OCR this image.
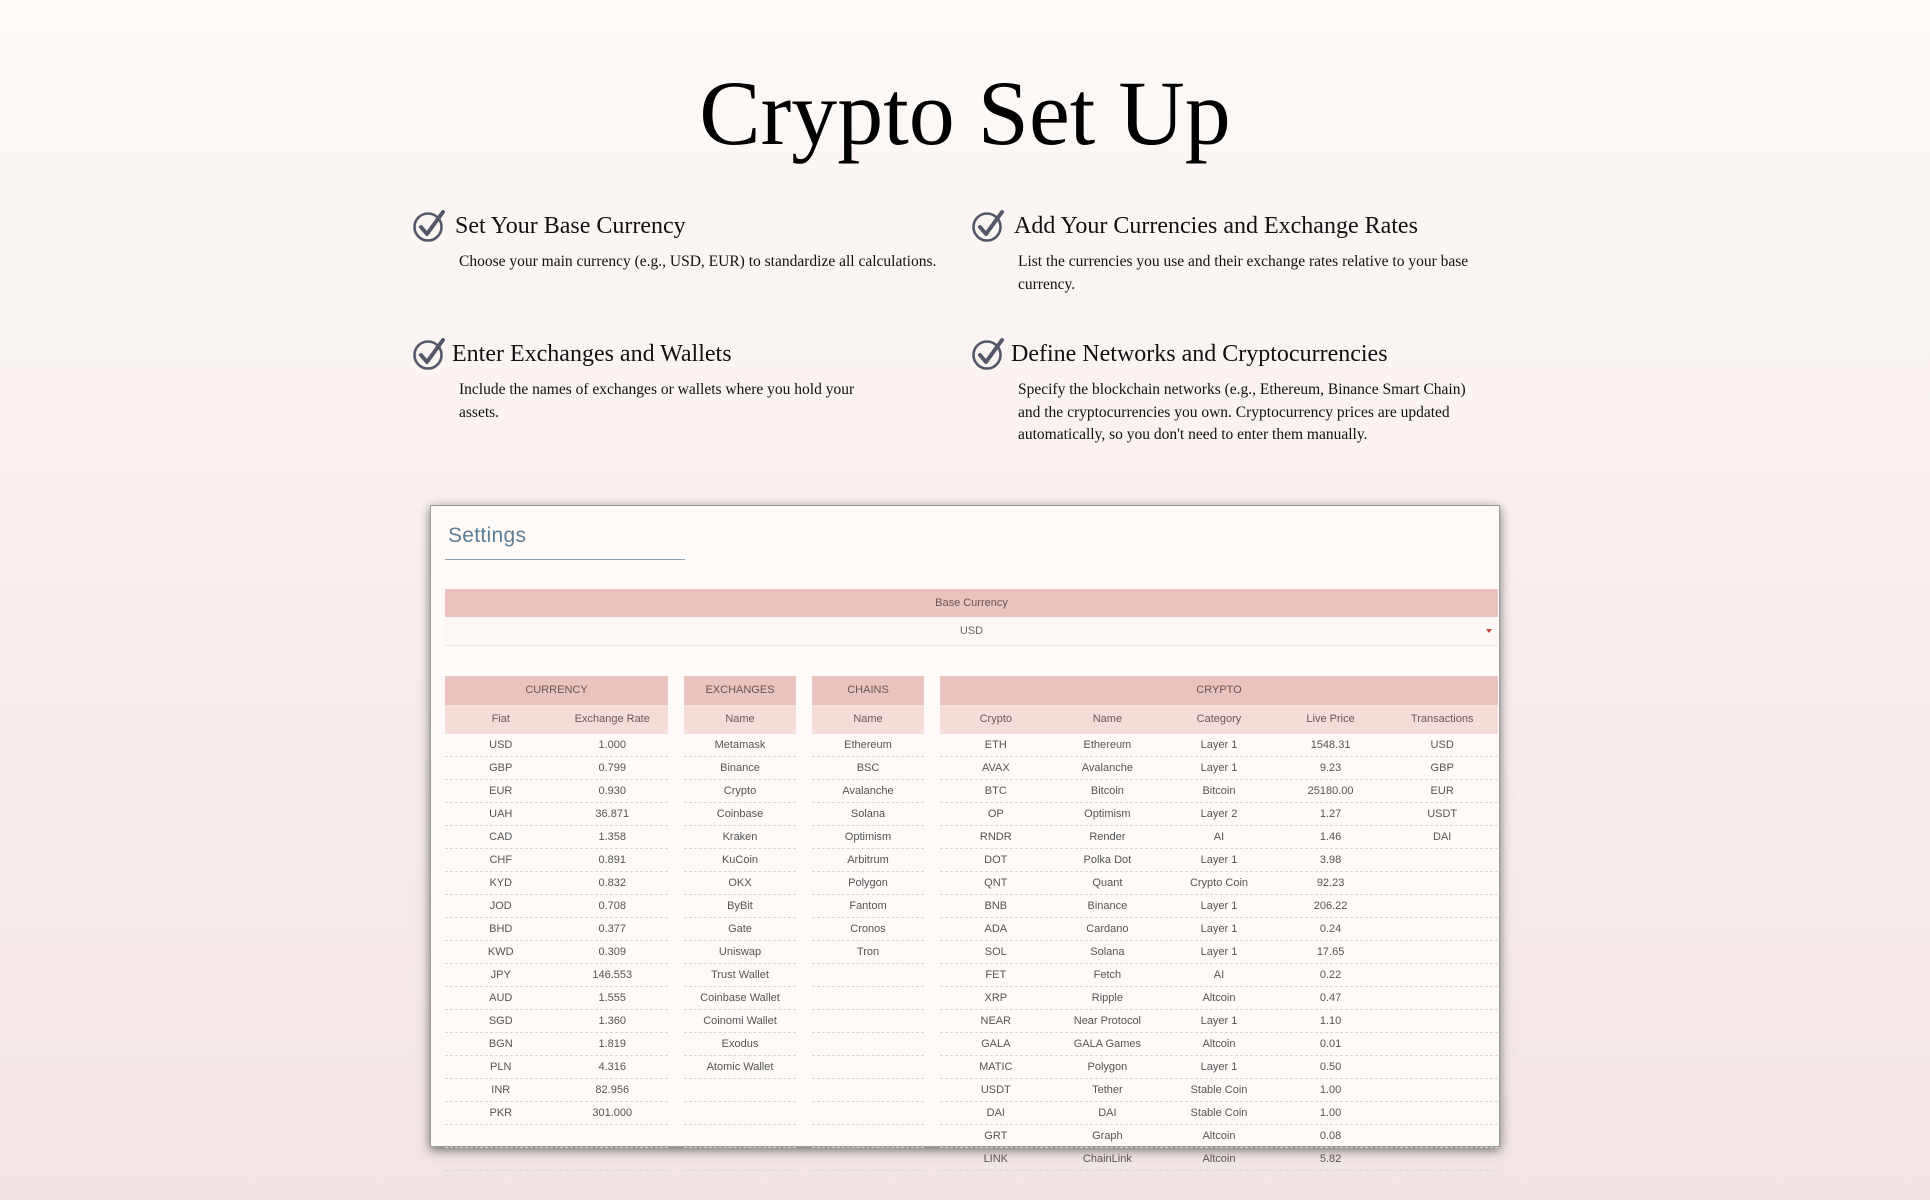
Crypto Set Up
Set Your Base Currency
Choose your main currency (e.g., USD, EUR) to standardize all calculations.
Add Your Currencies and Exchange Rates
List the currencies you use and their exchange rates relative to your base currency.
Enter Exchanges and Wallets
Include the names of exchanges or wallets where you hold your assets.
Define Networks and Cryptocurrencies
Specify the blockchain networks (e.g., Ethereum, Binance Smart Chain) and the cryptocurrencies you own. Cryptocurrency prices are updated automatically, so you don't need to enter them manually.
Settings
Base Currency
USD
CURRENCY
Fiat	Exchange Rate
USD	1.000
GBP	0.799
EUR	0.930
UAH	36.871
CAD	1.358
CHF	0.891
KYD	0.832
JOD	0.708
BHD	0.377
KWD	0.309
JPY	146.553
AUD	1.555
SGD	1.360
BGN	1.819
PLN	4.316
INR	82.956
PKR	301.000
EXCHANGES
Name
Metamask
Binance
Crypto
Coinbase
Kraken
KuCoin
OKX
ByBit
Gate
Uniswap
Trust Wallet
Coinbase Wallet
Coinomi Wallet
Exodus
Atomic Wallet
CHAINS
Name
Ethereum
BSC
Avalanche
Solana
Optimism
Arbitrum
Polygon
Fantom
Cronos
Tron
CRYPTO
Crypto	Name	Category	Live Price	Transactions
ETH	Ethereum	Layer 1	1548.31	USD
AVAX	Avalanche	Layer 1	9.23	GBP
BTC	Bitcoin	Bitcoin	25180.00	EUR
OP	Optimism	Layer 2	1.27	USDT
RNDR	Render	AI	1.46	DAI
DOT	Polka Dot	Layer 1	3.98
QNT	Quant	Crypto Coin	92.23
BNB	Binance	Layer 1	206.22
ADA	Cardano	Layer 1	0.24
SOL	Solana	Layer 1	17.65
FET	Fetch	AI	0.22
XRP	Ripple	Altcoin	0.47
NEAR	Near Protocol	Layer 1	1.10
GALA	GALA Games	Altcoin	0.01
MATIC	Polygon	Layer 1	0.50
USDT	Tether	Stable Coin	1.00
DAI	DAI	Stable Coin	1.00
GRT	Graph	Altcoin	0.08
LINK	ChainLink	Altcoin	5.82
